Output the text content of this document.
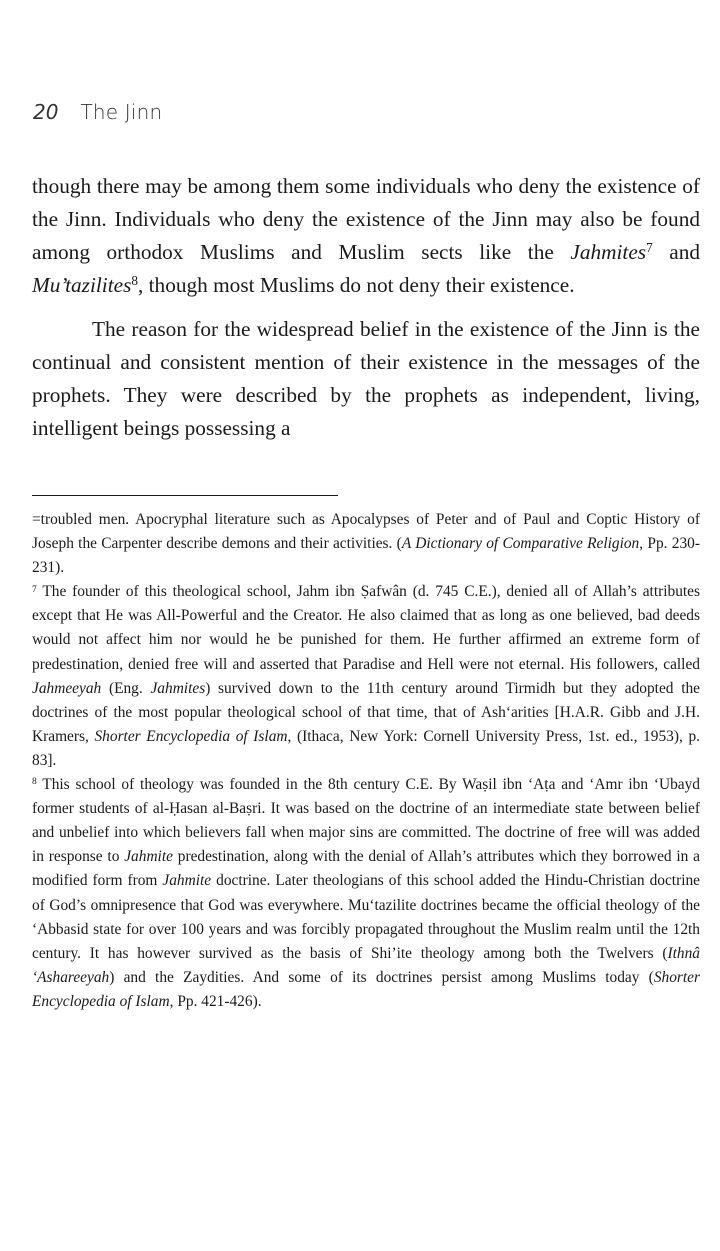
20 The Jinn

though there may be among them some individuals who deny the existence of the Jinn. Individuals who deny the existence of the Jinn may also be found among orthodox Muslims and Muslim sects like the Jahmites$^7$ and Mu’tazilites$^8$, though most Muslims do not deny their existence.

The reason for the widespread belief in the existence of the Jinn is the continual and consistent mention of their existence in the messages of the prophets. They were described by the prophets as independent, living, intelligent beings possessing a

=troubled men. Apocryphal literature such as Apocalypses of Peter and of Paul and Coptic History of Joseph the Carpenter describe demons and their activities. (A Dictionary of Comparative Religion, Pp. 230-231).

$^7$ The founder of this theological school, Jahm ibn Ṣafwân (d. 745 C.E.), denied all of Allah’s attributes except that He was All-Powerful and the Creator. He also claimed that as long as one believed, bad deeds would not affect him nor would he be punished for them. He further affirmed an extreme form of predestination, denied free will and asserted that Paradise and Hell were not eternal. His followers, called Jahmeeyah (Eng. Jahmites) survived down to the 11th century around Tirmidh but they adopted the doctrines of the most popular theological school of that time, that of Ash‘arities [H.A.R. Gibb and J.H. Kramers, Shorter Encyclopedia of Islam, (Ithaca, New York: Cornell University Press, 1st. ed., 1953), p. 83].

$^8$ This school of theology was founded in the 8th century C.E. By Waṣil ibn ‘Aṭa and ‘Amr ibn ‘Ubayd former students of al-Ḥasan al-Baṣri. It was based on the doctrine of an intermediate state between belief and unbelief into which believers fall when major sins are committed. The doctrine of free will was added in response to Jahmite predestination, along with the denial of Allah’s attributes which they borrowed in a modified form from Jahmite doctrine. Later theologians of this school added the Hindu-Christian doctrine of God’s omnipresence that God was everywhere. Mu‘tazilite doctrines became the official theology of the ‘Abbasid state for over 100 years and was forcibly propagated throughout the Muslim realm until the 12th century. It has however survived as the basis of Shi’ite theology among both the Twelvers (Ithnâ ‘Ashareeyah) and the Zaydities. And some of its doctrines persist among Muslims today (Shorter Encyclopedia of Islam, Pp. 421-426).
